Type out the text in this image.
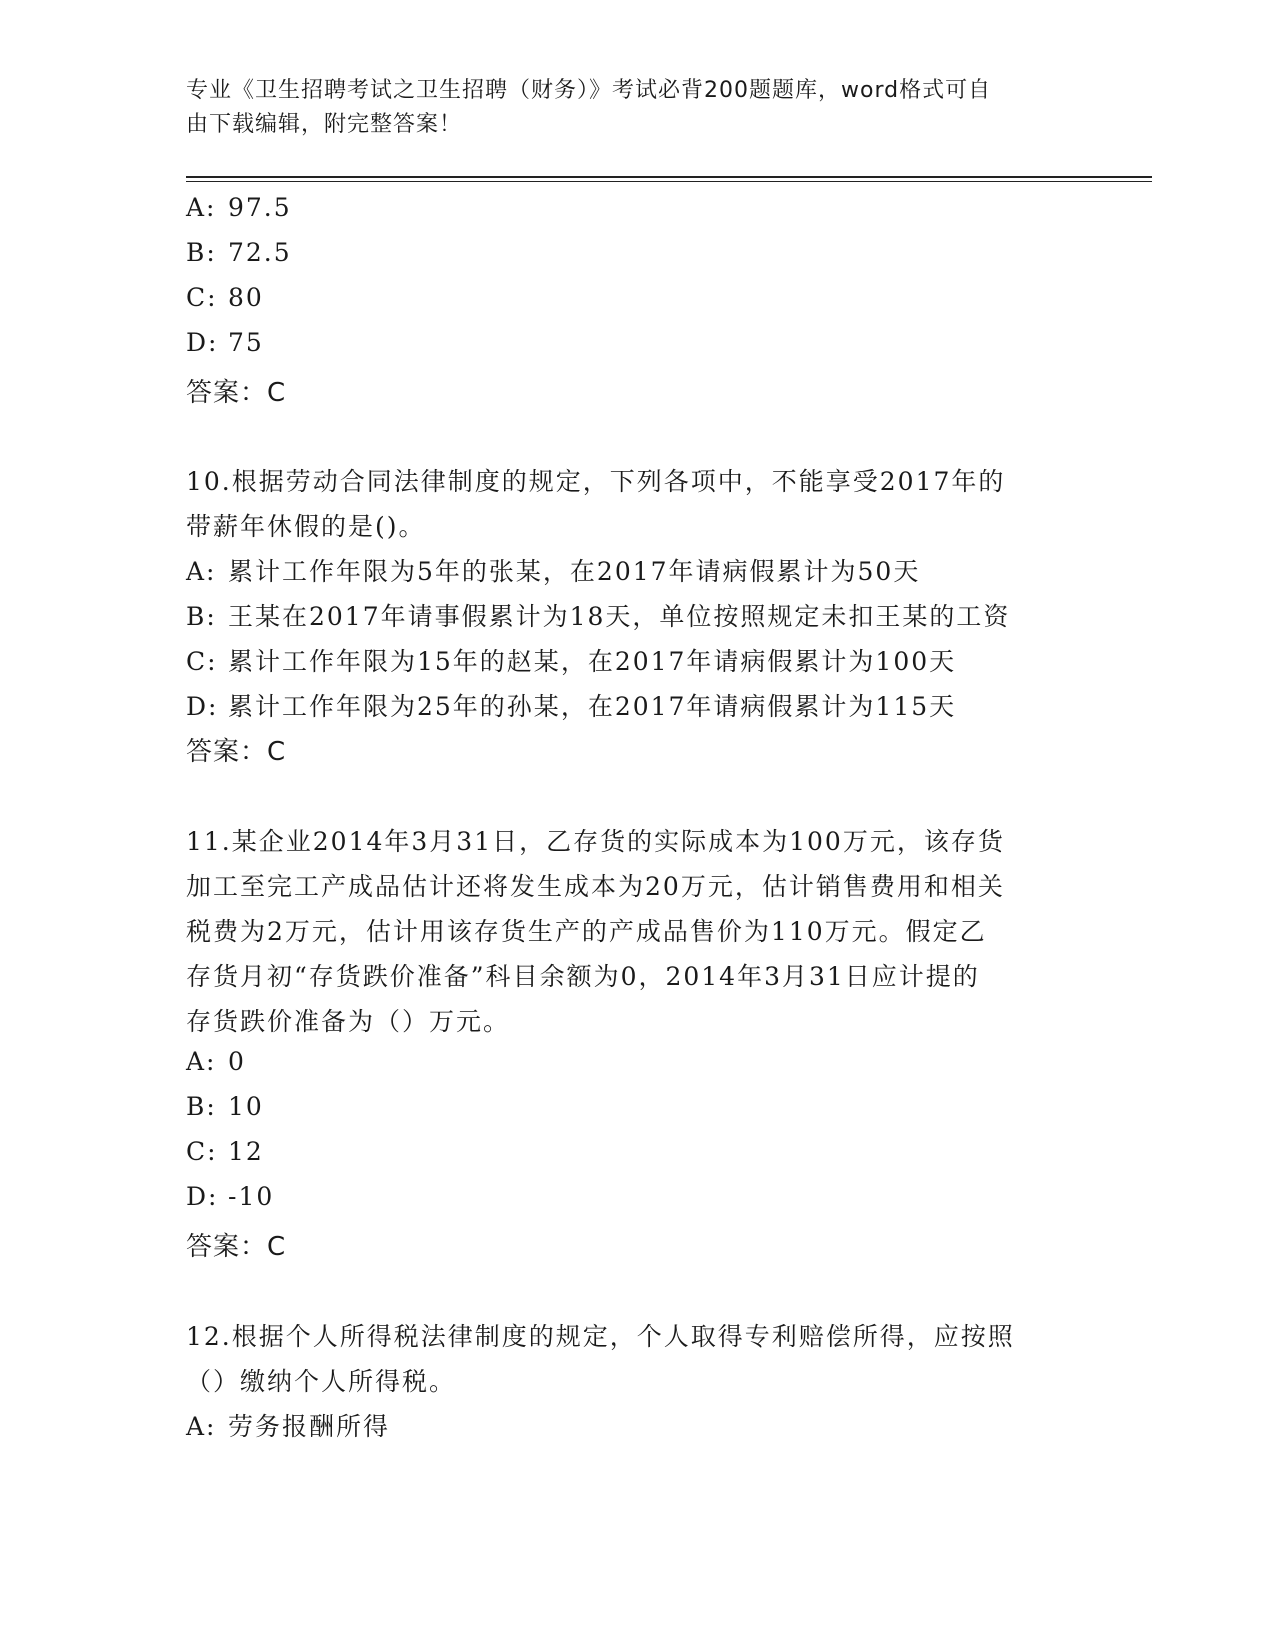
专业《卫生招聘考试之卫生招聘（财务）》考试必背200题题库，word格式可自
由下载编辑，附完整答案！
A: 97.5
B: 72.5
C: 80
D: 75
答案：C
10.根据劳动合同法律制度的规定，下列各项中，不能享受2017年的
带薪年休假的是()。
A: 累计工作年限为5年的张某，在2017年请病假累计为50天
B: 王某在2017年请事假累计为18天，单位按照规定未扣王某的工资
C: 累计工作年限为15年的赵某，在2017年请病假累计为100天
D: 累计工作年限为25年的孙某，在2017年请病假累计为115天
答案：C
11.某企业2014年3月31日，乙存货的实际成本为100万元，该存货
加工至完工产成品估计还将发生成本为20万元，估计销售费用和相关
税费为2万元，估计用该存货生产的产成品售价为110万元。假定乙
存货月初“存货跌价准备”科目余额为0，2014年3月31日应计提的
存货跌价准备为（）万元。
A: 0
B: 10
C: 12
D: -10
答案：C
12.根据个人所得税法律制度的规定，个人取得专利赔偿所得，应按照
（）缴纳个人所得税。
A: 劳务报酬所得
